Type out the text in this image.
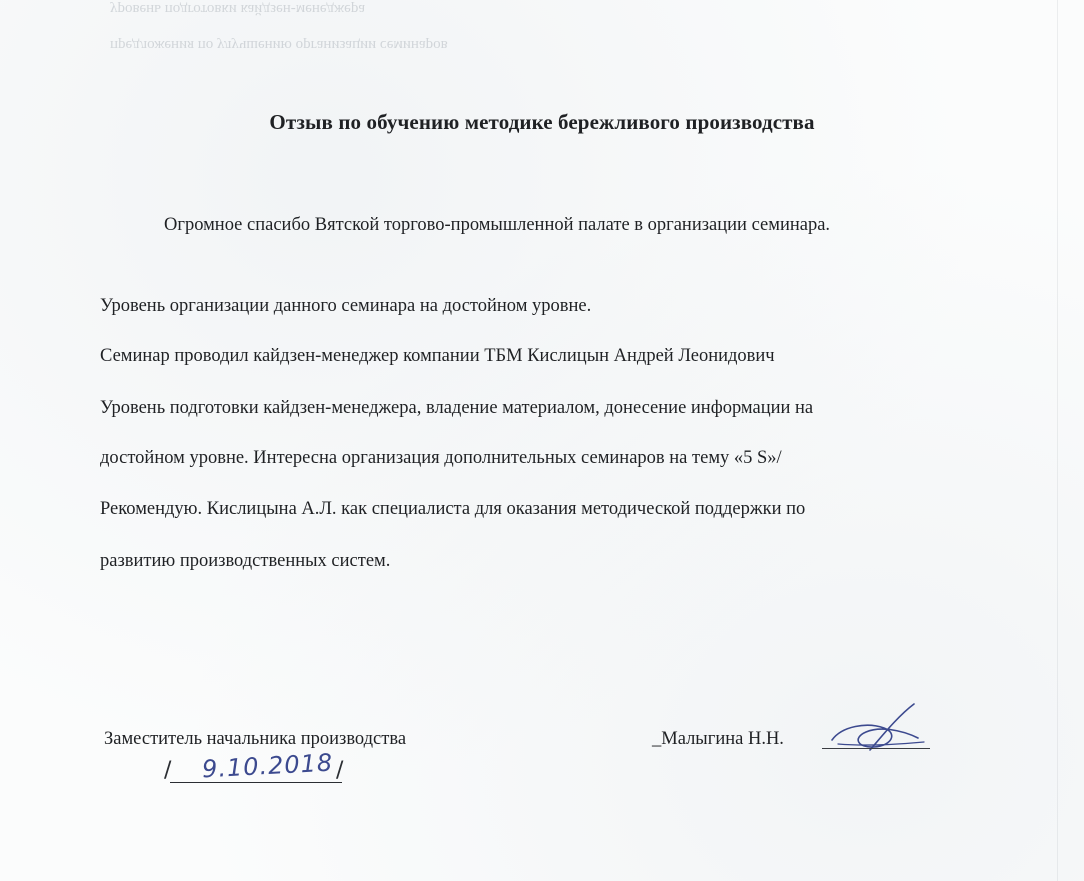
уровень подготовки кайдзен-менеджера
предложения по улучшению организации семинаров
Отзыв по обучению методике бережливого производства
Огромное спасибо Вятской торгово-промышленной палате в организации семинара.
Уровень организации данного семинара на достойном уровне.
Семинар проводил кайдзен-менеджер компании ТБМ Кислицын Андрей Леонидович
Уровень подготовки кайдзен-менеджера, владение материалом, донесение информации на
достойном уровне. Интересна организация дополнительных семинаров на тему «5 S»/
Рекомендую. Кислицына А.Л. как специалиста для оказания методической поддержки по
развитию производственных систем.
Заместитель начальника производства	_Малыгина Н.Н.
/ 9.10.2018 /
